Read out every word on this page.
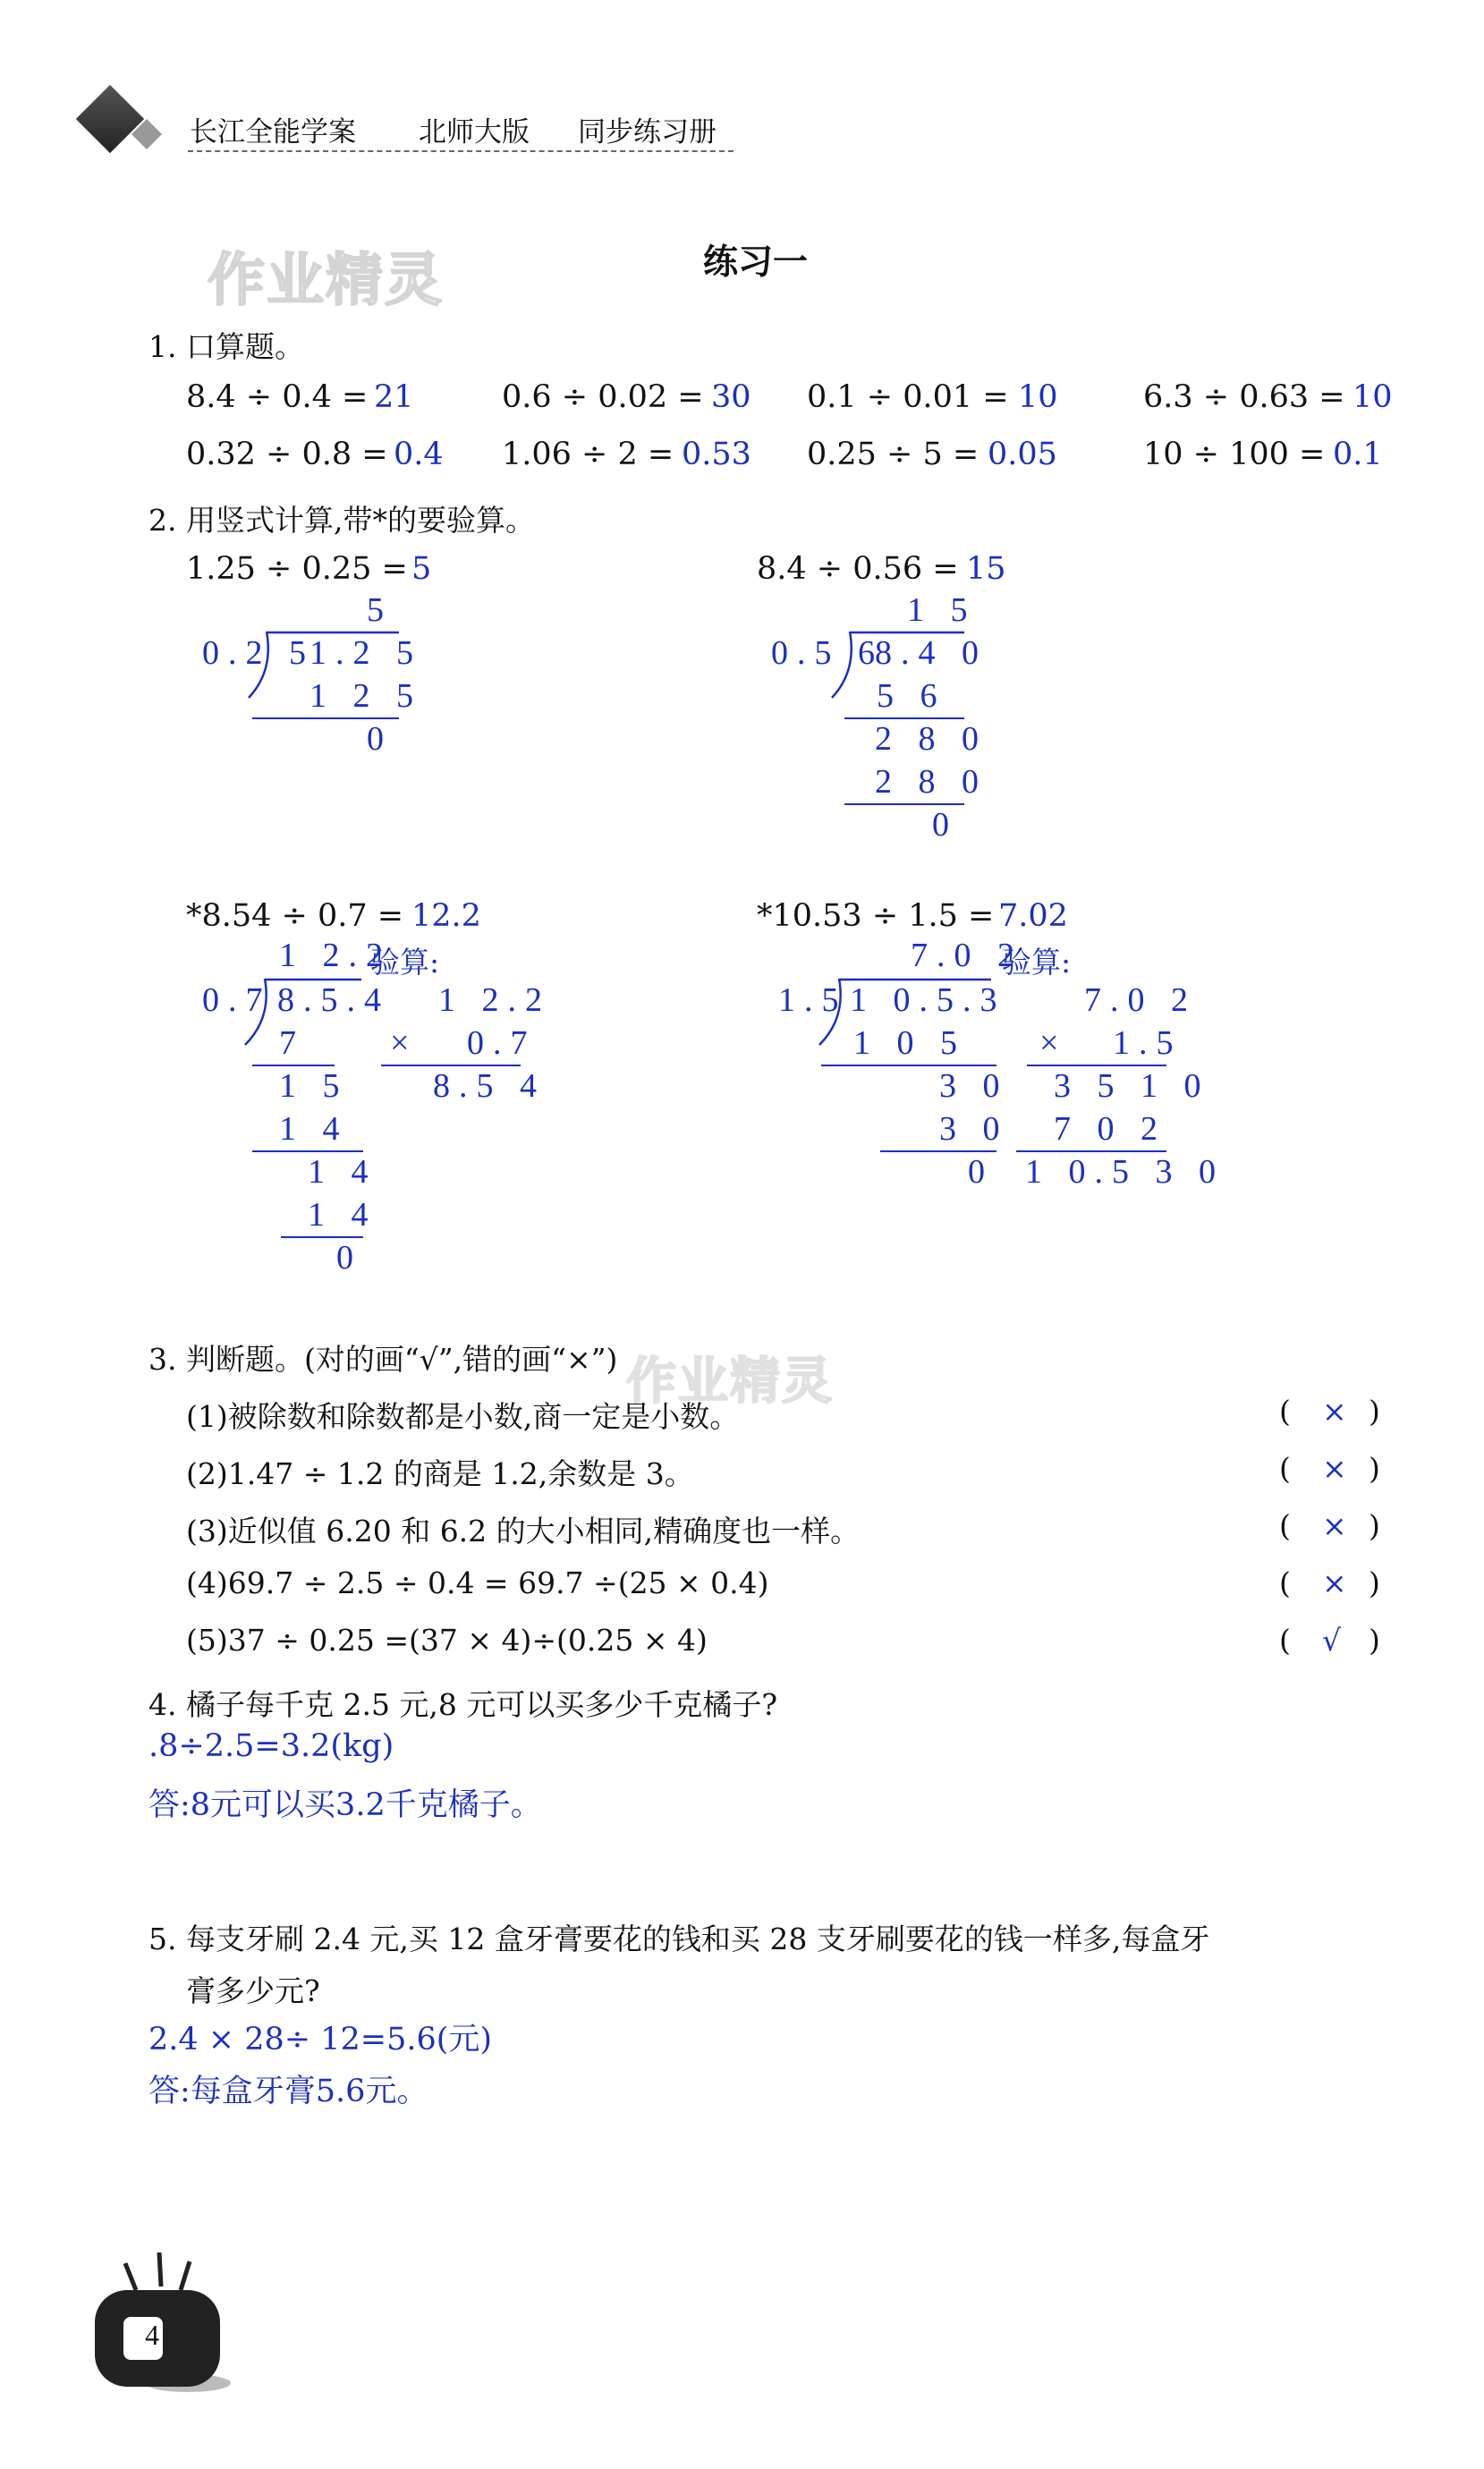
长江全能学案 北师大版 同步练习册
作业精灵
作业精灵
练习一
1. 口算题。
8.4 ÷ 0.4 = 21	0.6 ÷ 0.02 = 30 0.1 ÷ 0.01 = 10	6.3 ÷ 0.63 = 10
0.32 ÷ 0.8 = 0.4 1.06 ÷ 2 = 0.53 0.25 ÷ 5 = 0.05	10 ÷ 100 = 0.1
2. 用竖式计算,带*的要验算。
1.25 ÷ 0.25 = 5
5
0.2 5
1.2 5
1 2 5
0
8.4 ÷ 0.56 = 15
1 5
0.5 6
8.4 0
5 6
2 8 0
2 8 0
0
*8.54 ÷ 0.7 = 12.2
1 2.2
验算:
0.7 8.5.4
7
1 5
1 4
1 4
1 4
0
1 2.2
× 0.7
8.5 4
*10.53 ÷ 1.5 = 7.02
7.0 2
验算:
1.5 1 0.5.3
1 0 5
3 0
3 0
0
7.0 2
× 1.5
3 5 1 0
7 0 2
1 0.5 3 0
3. 判断题。(对的画“√”,错的画“×”)
(1)被除数和除数都是小数,商一定是小数。	( × )
(2)1.47 ÷ 1.2 的商是 1.2,余数是 3。	( × )
(3)近似值 6.20 和 6.2 的大小相同,精确度也一样。	( × )
(4)69.7 ÷ 2.5 ÷ 0.4 = 69.7 ÷(25 × 0.4)	( × )
(5)37 ÷ 0.25 =(37 × 4)÷(0.25 × 4)	( √ )
4. 橘子每千克 2.5 元,8 元可以买多少千克橘子?
.8÷2.5=3.2(kg)
答:8元可以买3.2千克橘子。
5. 每支牙刷 2.4 元,买 12 盒牙膏要花的钱和买 28 支牙刷要花的钱一样多,每盒牙
膏多少元?
2.4 × 28÷ 12=5.6(元)
答:每盒牙膏5.6元。
4
